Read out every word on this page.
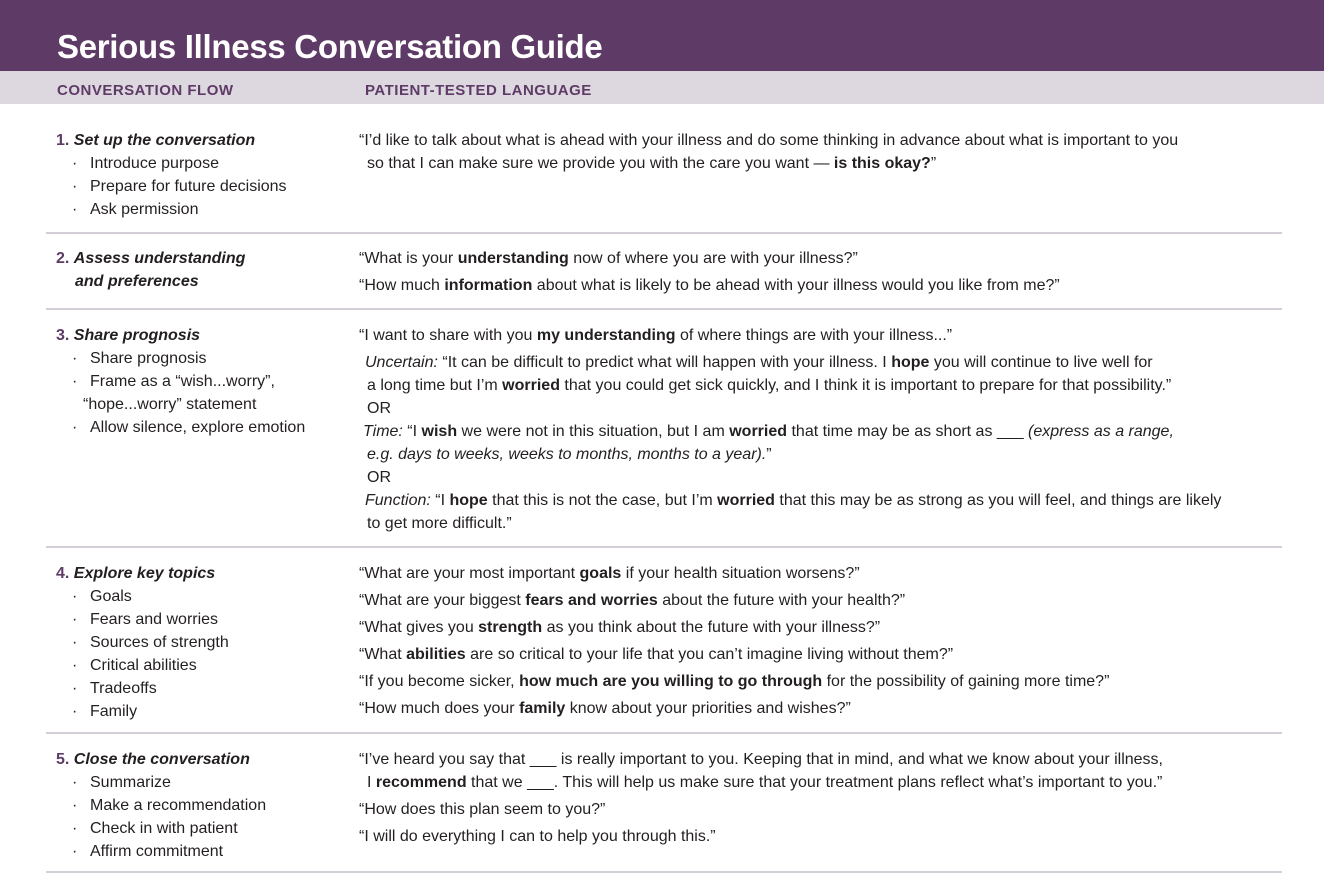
Serious Illness Conversation Guide
CONVERSATION FLOW	PATIENT-TESTED LANGUAGE
1. Set up the conversation
· Introduce purpose
· Prepare for future decisions
· Ask permission
“I’d like to talk about what is ahead with your illness and do some thinking in advance about what is important to you
so that I can make sure we provide you with the care you want — is this okay?”
2. Assess understanding
and preferences
“What is your understanding now of where you are with your illness?”
“How much information about what is likely to be ahead with your illness would you like from me?”
3. Share prognosis
· Share prognosis
· Frame as a “wish...worry”,
“hope...worry” statement
· Allow silence, explore emotion
“I want to share with you my understanding of where things are with your illness...”
Uncertain: “It can be difficult to predict what will happen with your illness. I hope you will continue to live well for
a long time but I’m worried that you could get sick quickly, and I think it is important to prepare for that possibility.”
OR
Time: “I wish we were not in this situation, but I am worried that time may be as short as ___ (express as a range,
e.g. days to weeks, weeks to months, months to a year).”
OR
Function: “I hope that this is not the case, but I’m worried that this may be as strong as you will feel, and things are likely
to get more difficult.”
4. Explore key topics
· Goals
· Fears and worries
· Sources of strength
· Critical abilities
· Tradeoffs
· Family
“What are your most important goals if your health situation worsens?”
“What are your biggest fears and worries about the future with your health?”
“What gives you strength as you think about the future with your illness?”
“What abilities are so critical to your life that you can’t imagine living without them?”
“If you become sicker, how much are you willing to go through for the possibility of gaining more time?”
“How much does your family know about your priorities and wishes?”
5. Close the conversation
· Summarize
· Make a recommendation
· Check in with patient
· Affirm commitment
“I’ve heard you say that ___ is really important to you. Keeping that in mind, and what we know about your illness,
I recommend that we ___. This will help us make sure that your treatment plans reflect what’s important to you.”
“How does this plan seem to you?”
“I will do everything I can to help you through this.”
